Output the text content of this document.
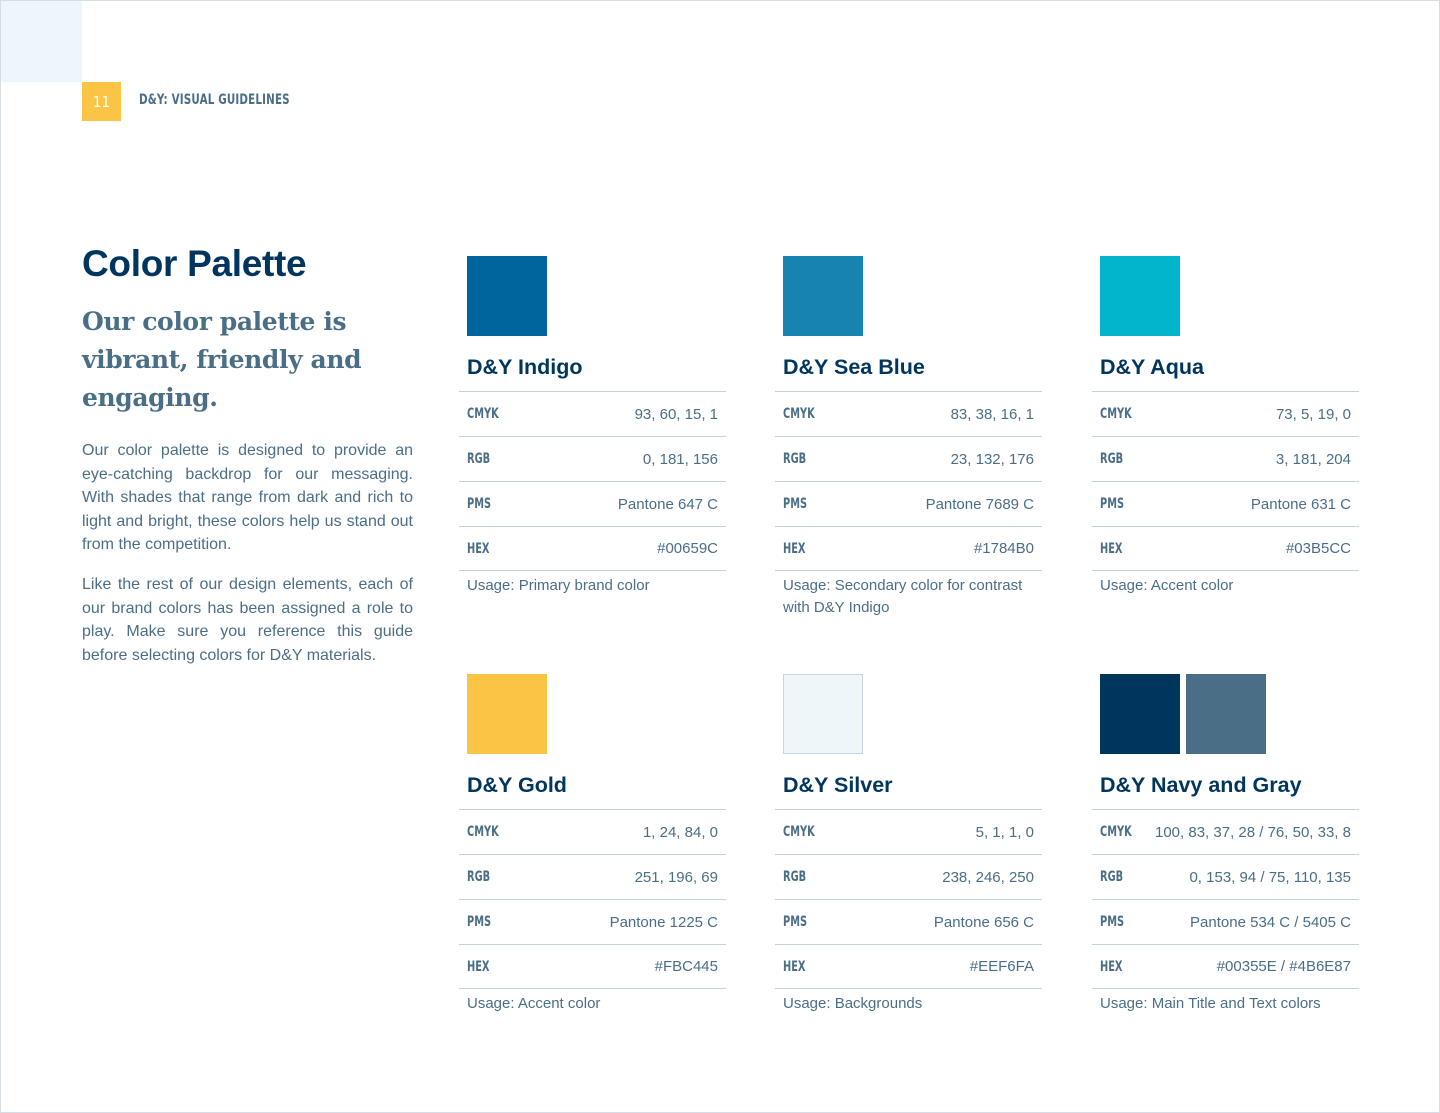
11 D&Y: VISUAL GUIDELINES
Color Palette
Our color palette is vibrant, friendly and engaging.

Our color palette is designed to provide an eye-catching backdrop for our messaging. With shades that range from dark and rich to light and bright, these colors help us stand out from the competition.

Like the rest of our design elements, each of our brand colors has been assigned a role to play. Make sure you reference this guide before selecting colors for D&Y materials.

D&Y Indigo
CMYK	93, 60, 15, 1
RGB	0, 181, 156
PMS	Pantone 647 C
HEX	#00659C
Usage: Primary brand color
D&Y Sea Blue
CMYK	83, 38, 16, 1
RGB	23, 132, 176
PMS	Pantone 7689 C
HEX	#1784B0
Usage: Secondary color for contrast with D&Y Indigo
D&Y Aqua
CMYK	73, 5, 19, 0
RGB	3, 181, 204
PMS	Pantone 631 C
HEX	#03B5CC
Usage: Accent color
D&Y Gold
CMYK	1, 24, 84, 0
RGB	251, 196, 69
PMS	Pantone 1225 C
HEX	#FBC445
Usage: Accent color
D&Y Silver
CMYK	5, 1, 1, 0
RGB	238, 246, 250
PMS	Pantone 656 C
HEX	#EEF6FA
Usage: Backgrounds
D&Y Navy and Gray
CMYK 100, 83, 37, 28 / 76, 50, 33, 8
RGB	0, 153, 94 / 75, 110, 135
PMS	Pantone 534 C / 5405 C
HEX	#00355E / #4B6E87
Usage: Main Title and Text colors
